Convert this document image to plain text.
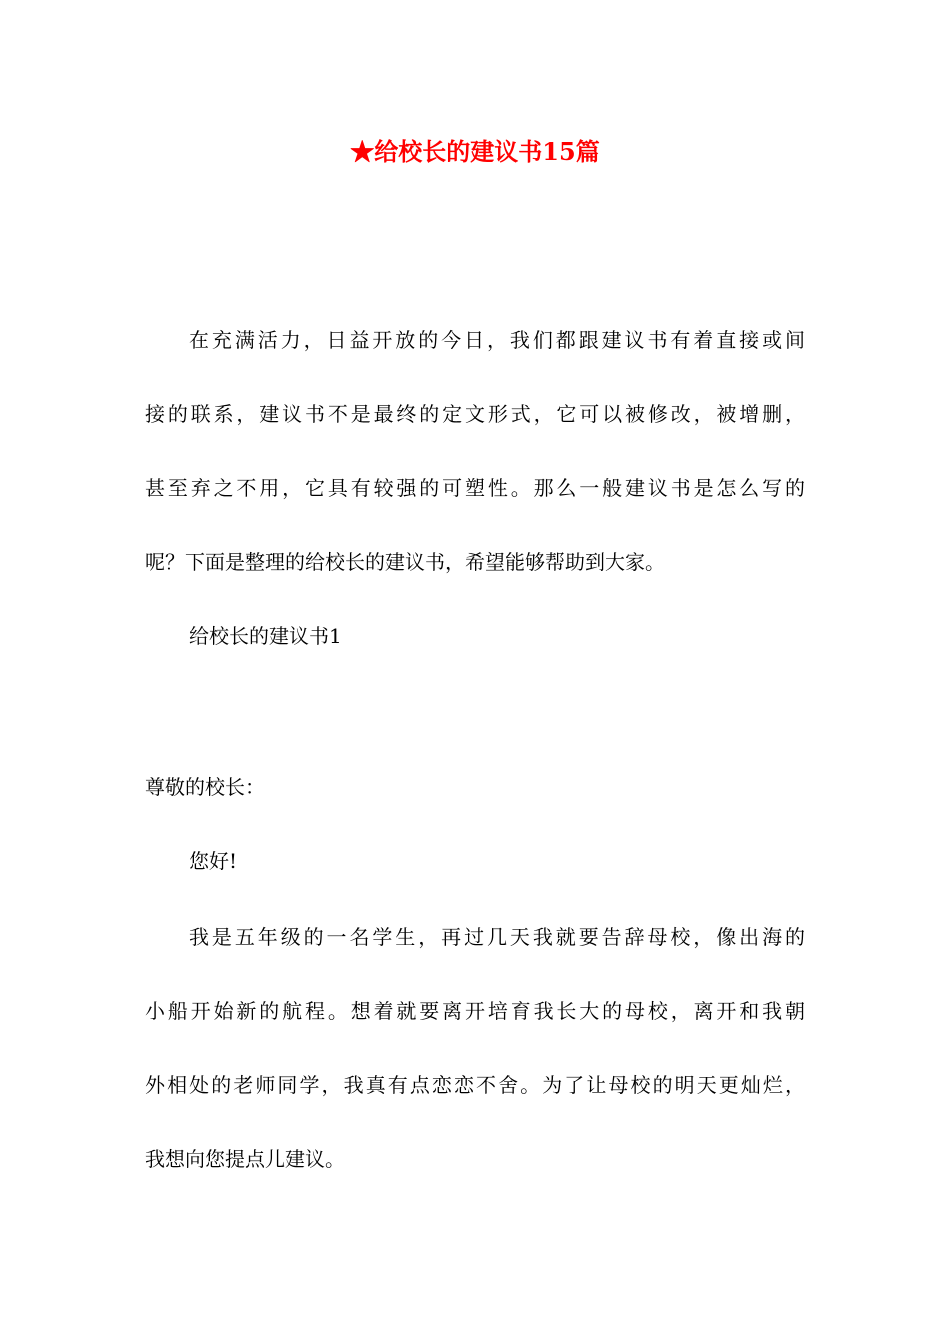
★给校长的建议书15篇
在充满活力，日益开放的今日，我们都跟建议书有着直接或间
接的联系，建议书不是最终的定文形式，它可以被修改，被增删，
甚至弃之不用，它具有较强的可塑性。那么一般建议书是怎么写的
呢？下面是整理的给校长的建议书，希望能够帮助到大家。
给校长的建议书1
尊敬的校长：
您好!
我是五年级的一名学生，再过几天我就要告辞母校，像出海的
小船开始新的航程。想着就要离开培育我长大的母校，离开和我朝
外相处的老师同学，我真有点恋恋不舍。为了让母校的明天更灿烂，
我想向您提点儿建议。
